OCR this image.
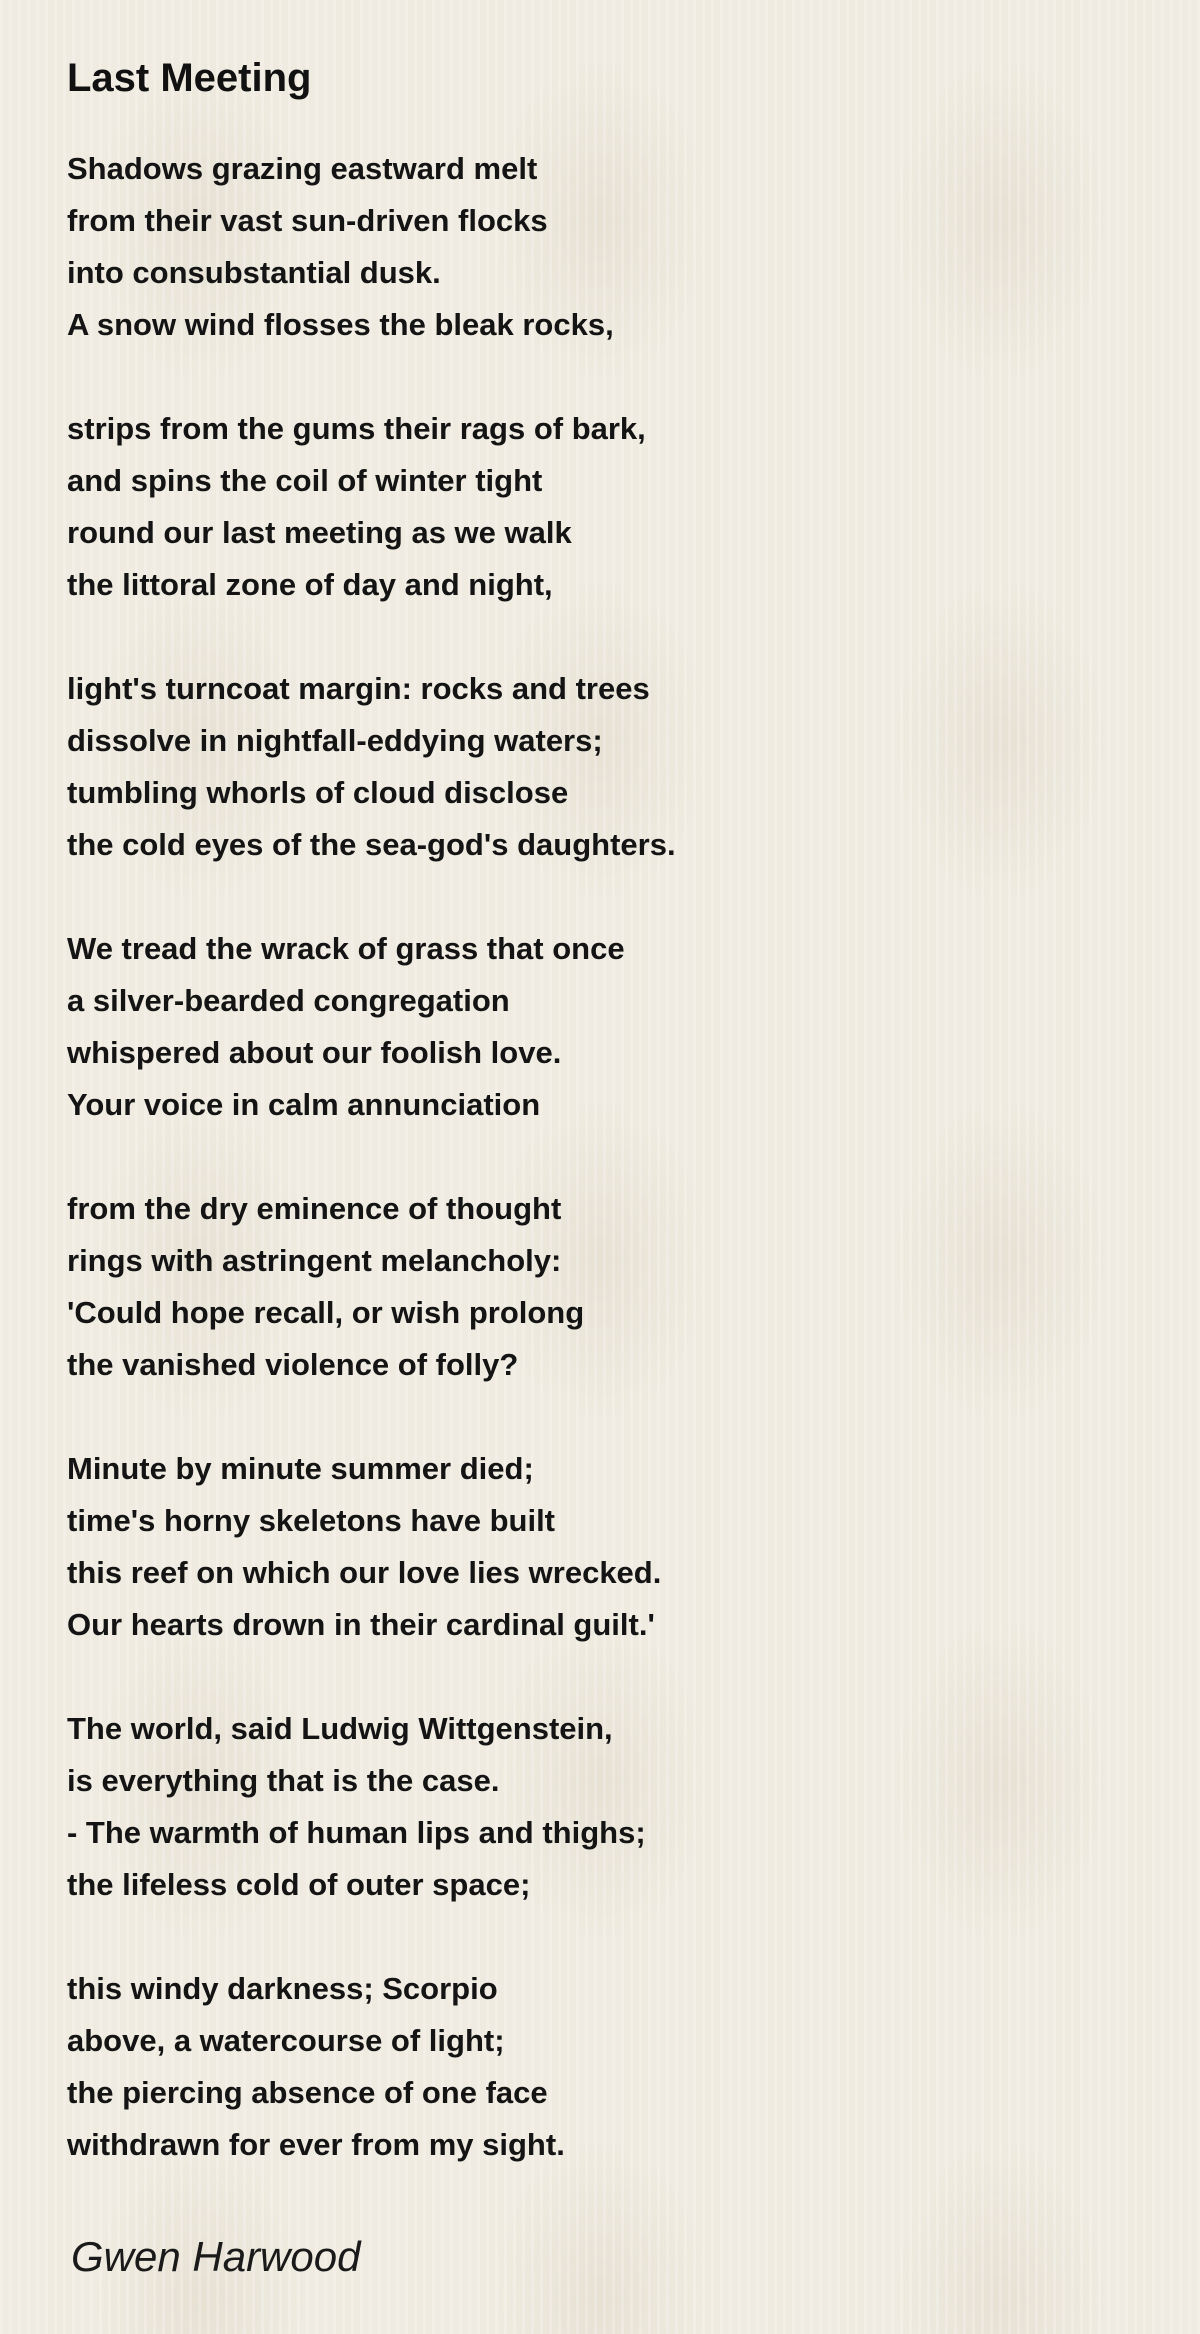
Last Meeting
Shadows grazing eastward melt
from their vast sun-driven flocks
into consubstantial dusk.
A snow wind flosses the bleak rocks,
strips from the gums their rags of bark,
and spins the coil of winter tight
round our last meeting as we walk
the littoral zone of day and night,
light's turncoat margin: rocks and trees
dissolve in nightfall-eddying waters;
tumbling whorls of cloud disclose
the cold eyes of the sea-god's daughters.
We tread the wrack of grass that once
a silver-bearded congregation
whispered about our foolish love.
Your voice in calm annunciation
from the dry eminence of thought
rings with astringent melancholy:
'Could hope recall, or wish prolong
the vanished violence of folly?
Minute by minute summer died;
time's horny skeletons have built
this reef on which our love lies wrecked.
Our hearts drown in their cardinal guilt.'
The world, said Ludwig Wittgenstein,
is everything that is the case.
- The warmth of human lips and thighs;
the lifeless cold of outer space;
this windy darkness; Scorpio
above, a watercourse of light;
the piercing absence of one face
withdrawn for ever from my sight.
Gwen Harwood
